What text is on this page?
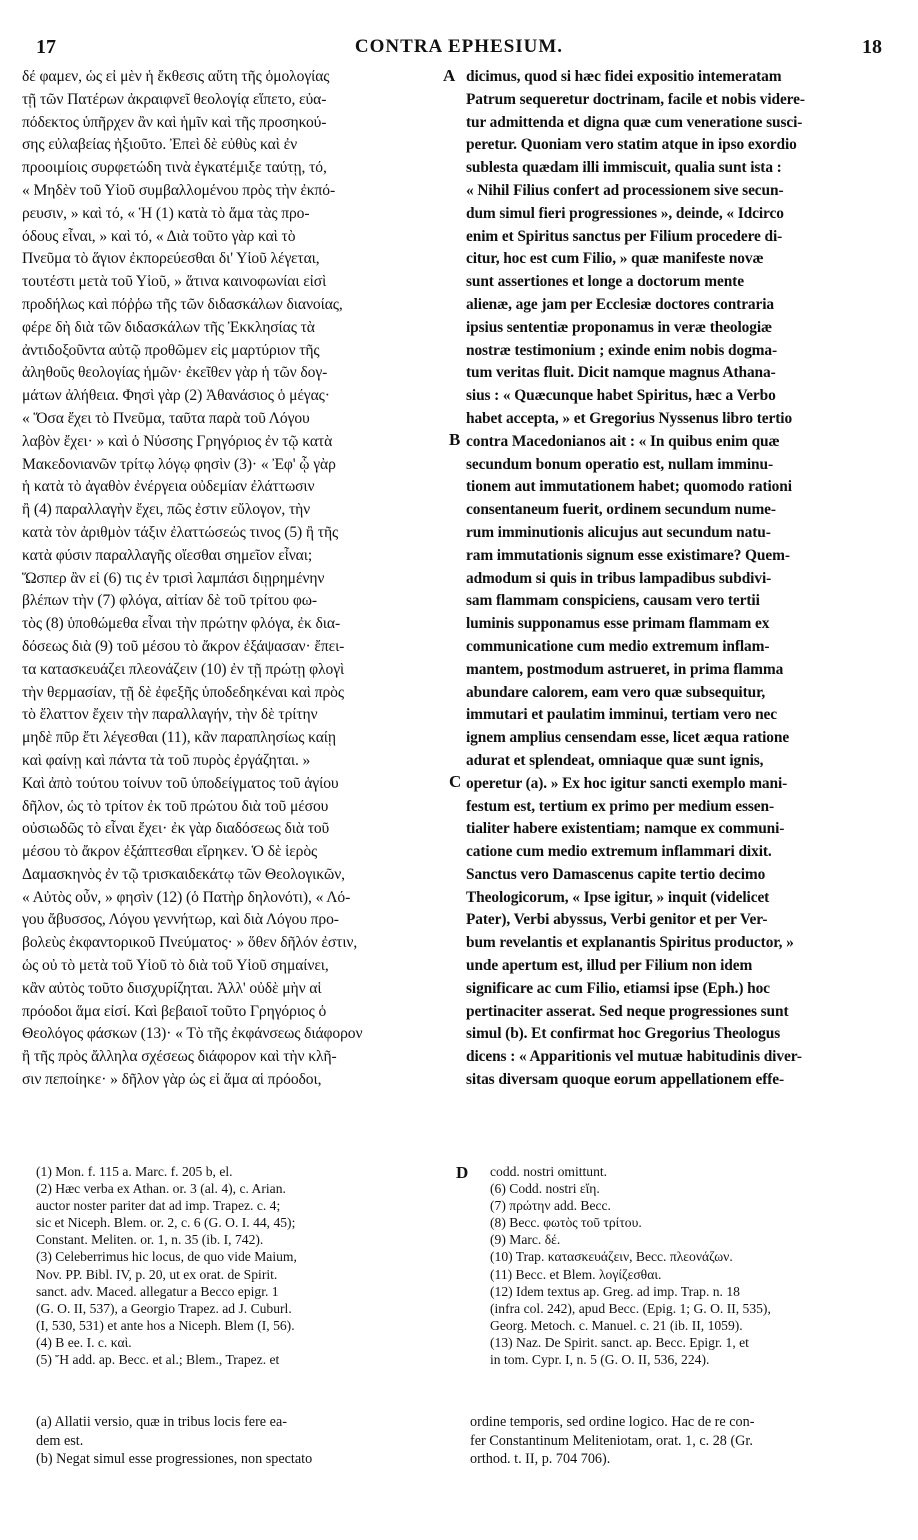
17	CONTRA EPHESIUM.	18
δέ φαμεν, ὡς εἰ μὲν ἡ ἔκθεσις αὕτη τῆς ὁμολογίας
τῇ τῶν Πατέρων ἀκραιφνεῖ θεολογίᾳ εἵπετο, εὐα-
πόδεκτος ὑπῆρχεν ἂν καὶ ἡμῖν καὶ τῆς προσηκού-
σης εὐλαβείας ἠξιοῦτο. Ἐπεὶ δὲ εὐθὺς καὶ ἐν
προοιμίοις συρφετώδη τινὰ ἐγκατέμιξε ταύτῃ, τό,
« Μηδὲν τοῦ Υἱοῦ συμβαλλομένου πρὸς τὴν ἐκπό-
ρευσιν, » καὶ τό, « Ἡ (1) κατὰ τὸ ἅμα τὰς προ-
όδους εἶναι, » καὶ τό, « Διὰ τοῦτο γὰρ καὶ τὸ
Πνεῦμα τὸ ἅγιον ἐκπορεύεσθαι δι' Υἱοῦ λέγεται,
τουτέστι μετὰ τοῦ Υἱοῦ, » ἅτινα καινοφωνίαι εἰσὶ
προδήλως καὶ πόῤῥω τῆς τῶν διδασκάλων διανοίας,
φέρε δὴ διὰ τῶν διδασκάλων τῆς Ἐκκλησίας τὰ
ἀντιδοξοῦντα αὐτῷ προθῶμεν εἰς μαρτύριον τῆς
ἀληθοῦς θεολογίας ἡμῶν· ἐκεῖθεν γὰρ ἡ τῶν δογ-
μάτων ἀλήθεια. Φησὶ γὰρ (2) Ἀθανάσιος ὁ μέγας·
« Ὅσα ἔχει τὸ Πνεῦμα, ταῦτα παρὰ τοῦ Λόγου
λαβὸν ἔχει· » καὶ ὁ Νύσσης Γρηγόριος ἐν τῷ κατὰ
Μακεδονιανῶν τρίτῳ λόγῳ φησὶν (3)· « Ἐφ' ᾧ γὰρ
ἡ κατὰ τὸ ἀγαθὸν ἐνέργεια οὐδεμίαν ἐλάττωσιν
ἢ (4) παραλλαγὴν ἔχει, πῶς ἐστιν εὔλογον, τὴν
κατὰ τὸν ἀριθμὸν τάξιν ἐλαττώσεώς τινος (5) ἢ τῆς
κατὰ φύσιν παραλλαγῆς οἴεσθαι σημεῖον εἶναι;
Ὥσπερ ἂν εἰ (6) τις ἐν τρισὶ λαμπάσι διῃρημένην
βλέπων τὴν (7) φλόγα, αἰτίαν δὲ τοῦ τρίτου φω-
τὸς (8) ὑποθώμεθα εἶναι τὴν πρώτην φλόγα, ἐκ δια-
δόσεως διὰ (9) τοῦ μέσου τὸ ἄκρον ἐξάψασαν· ἔπει-
τα κατασκευάζει πλεονάζειν (10) ἐν τῇ πρώτῃ φλογὶ
τὴν θερμασίαν, τῇ δὲ ἐφεξῆς ὑποδεδηκέναι καὶ πρὸς
τὸ ἔλαττον ἔχειν τὴν παραλλαγήν, τὴν δὲ τρίτην
μηδὲ πῦρ ἔτι λέγεσθαι (11), κἂν παραπλησίως καίῃ
καὶ φαίνῃ καὶ πάντα τὰ τοῦ πυρὸς ἐργάζηται. »
Καὶ ἀπὸ τούτου τοίνυν τοῦ ὑποδείγματος τοῦ ἁγίου
δῆλον, ὡς τὸ τρίτον ἐκ τοῦ πρώτου διὰ τοῦ μέσου
οὐσιωδῶς τὸ εἶναι ἔχει· ἐκ γὰρ διαδόσεως διὰ τοῦ
μέσου τὸ ἄκρον ἐξάπτεσθαι εἴρηκεν. Ὁ δὲ ἱερὸς
Δαμασκηνὸς ἐν τῷ τρισκαιδεκάτῳ τῶν Θεολογικῶν,
« Αὐτὸς οὖν, » φησὶν (12) (ὁ Πατὴρ δηλονότι), « Λό-
γου ἄβυσσος, Λόγου γεννήτωρ, καὶ διὰ Λόγου προ-
βολεὺς ἐκφαντορικοῦ Πνεύματος· » ὅθεν δῆλόν ἐστιν,
ὡς οὐ τὸ μετὰ τοῦ Υἱοῦ τὸ διὰ τοῦ Υἱοῦ σημαίνει,
κἂν αὐτὸς τοῦτο διισχυρίζηται. Ἀλλ' οὐδὲ μὴν αἱ
πρόοδοι ἅμα εἰσί. Καὶ βεβαιοῖ τοῦτο Γρηγόριος ὁ
Θεολόγος φάσκων (13)· « Τὸ τῆς ἐκφάνσεως διάφορον
ἢ τῆς πρὸς ἄλληλα σχέσεως διάφορον καὶ τὴν κλῆ-
σιν πεποίηκε· » δῆλον γὰρ ὡς εἰ ἅμα αἱ πρόοδοι,
dicimus, quod si hæc fidei expositio intemeratam
Patrum sequeretur doctrinam, facile et nobis videre-
tur admittenda et digna quæ cum veneratione susci-
peretur. Quoniam vero statim atque in ipso exordio
sublesta quædam illi immiscuit, qualia sunt ista :
« Nihil Filius confert ad processionem sive secun-
dum simul fieri progressiones », deinde, « Idcirco
enim et Spiritus sanctus per Filium procedere di-
citur, hoc est cum Filio, » quæ manifeste novæ
sunt assertiones et longe a doctorum mente
alienæ, age jam per Ecclesiæ doctores contraria
ipsius sententiæ proponamus in veræ theologiæ
nostræ testimonium ; exinde enim nobis dogma-
tum veritas fluit. Dicit namque magnus Athana-
sius : « Quæcunque habet Spiritus, hæc a Verbo
habet accepta, » et Gregorius Nyssenus libro tertio
contra Macedonianos ait : « In quibus enim quæ
secundum bonum operatio est, nullam imminu-
tionem aut immutationem habet; quomodo rationi
consentaneum fuerit, ordinem secundum nume-
rum imminutionis alicujus aut secundum natu-
ram immutationis signum esse existimare? Quem-
admodum si quis in tribus lampadibus subdivi-
sam flammam conspiciens, causam vero tertii
luminis supponamus esse primam flammam ex
communicatione cum medio extremum inflam-
mantem, postmodum astrueret, in prima flamma
abundare calorem, eam vero quæ subsequitur,
immutari et paulatim imminui, tertiam vero nec
ignem amplius censendam esse, licet æqua ratione
adurat et splendeat, omniaque quæ sunt ignis,
operetur (a). » Ex hoc igitur sancti exemplo mani-
festum est, tertium ex primo per medium essen-
tialiter habere existentiam; namque ex communi-
catione cum medio extremum inflammari dixit.
Sanctus vero Damascenus capite tertio decimo
Theologicorum, « Ipse igitur, » inquit (videlicet
Pater), Verbi abyssus, Verbi genitor et per Ver-
bum revelantis et explanantis Spiritus productor, »
unde apertum est, illud per Filium non idem
significare ac cum Filio, etiamsi ipse (Eph.) hoc
pertinaciter asserat. Sed neque progressiones sunt
simul (b). Et confirmat hoc Gregorius Theologus
dicens : « Apparitionis vel mutuæ habitudinis diver-
sitas diversam quoque eorum appellationem effe-
A
B
C
D
(1) Mon. f. 115 a. Marc. f. 205 b, el.
(2) Hæc verba ex Athan. or. 3 (al. 4), c. Arian.
auctor noster pariter dat ad imp. Trapez. c. 4;
sic et Niceph. Blem. or. 2, c. 6 (G. O. I. 44, 45);
Constant. Meliten. or. 1, n. 35 (ib. I, 742).
(3) Celeberrimus hic locus, de quo vide Maium,
Nov. PP. Bibl. IV, p. 20, ut ex orat. de Spirit.
sanct. adv. Maced. allegatur a Becco epigr. 1
(G. O. II, 537), a Georgio Trapez. ad J. Cuburl.
(I, 530, 531) et ante hos a Niceph. Blem (I, 56).
(4) B ee. I. c. καὶ.
(5) Ἤ add. ap. Becc. et al.; Blem., Trapez. et
codd. nostri omittunt.
(6) Codd. nostri εἴη.
(7) πρώτην add. Becc.
(8) Becc. φωτὸς τοῦ τρίτου.
(9) Marc. δέ.
(10) Trap. κατασκευάζειν, Becc. πλεονάζων.
(11) Becc. et Blem. λογίζεσθαι.
(12) Idem textus ap. Greg. ad imp. Trap. n. 18
(infra col. 242), apud Becc. (Epig. 1; G. O. II, 535),
Georg. Metoch. c. Manuel. c. 21 (ib. II, 1059).
(13) Naz. De Spirit. sanct. ap. Becc. Epigr. 1, et
in tom. Cypr. I, n. 5 (G. O. II, 536, 224).
(a) Allatii versio, quæ in tribus locis fere ea-
dem est.
(b) Negat simul esse progressiones, non spectato
ordine temporis, sed ordine logico. Hac de re con-
fer Constantinum Meliteniotam, orat. 1, c. 28 (Gr.
orthod. t. II, p. 704 706).
